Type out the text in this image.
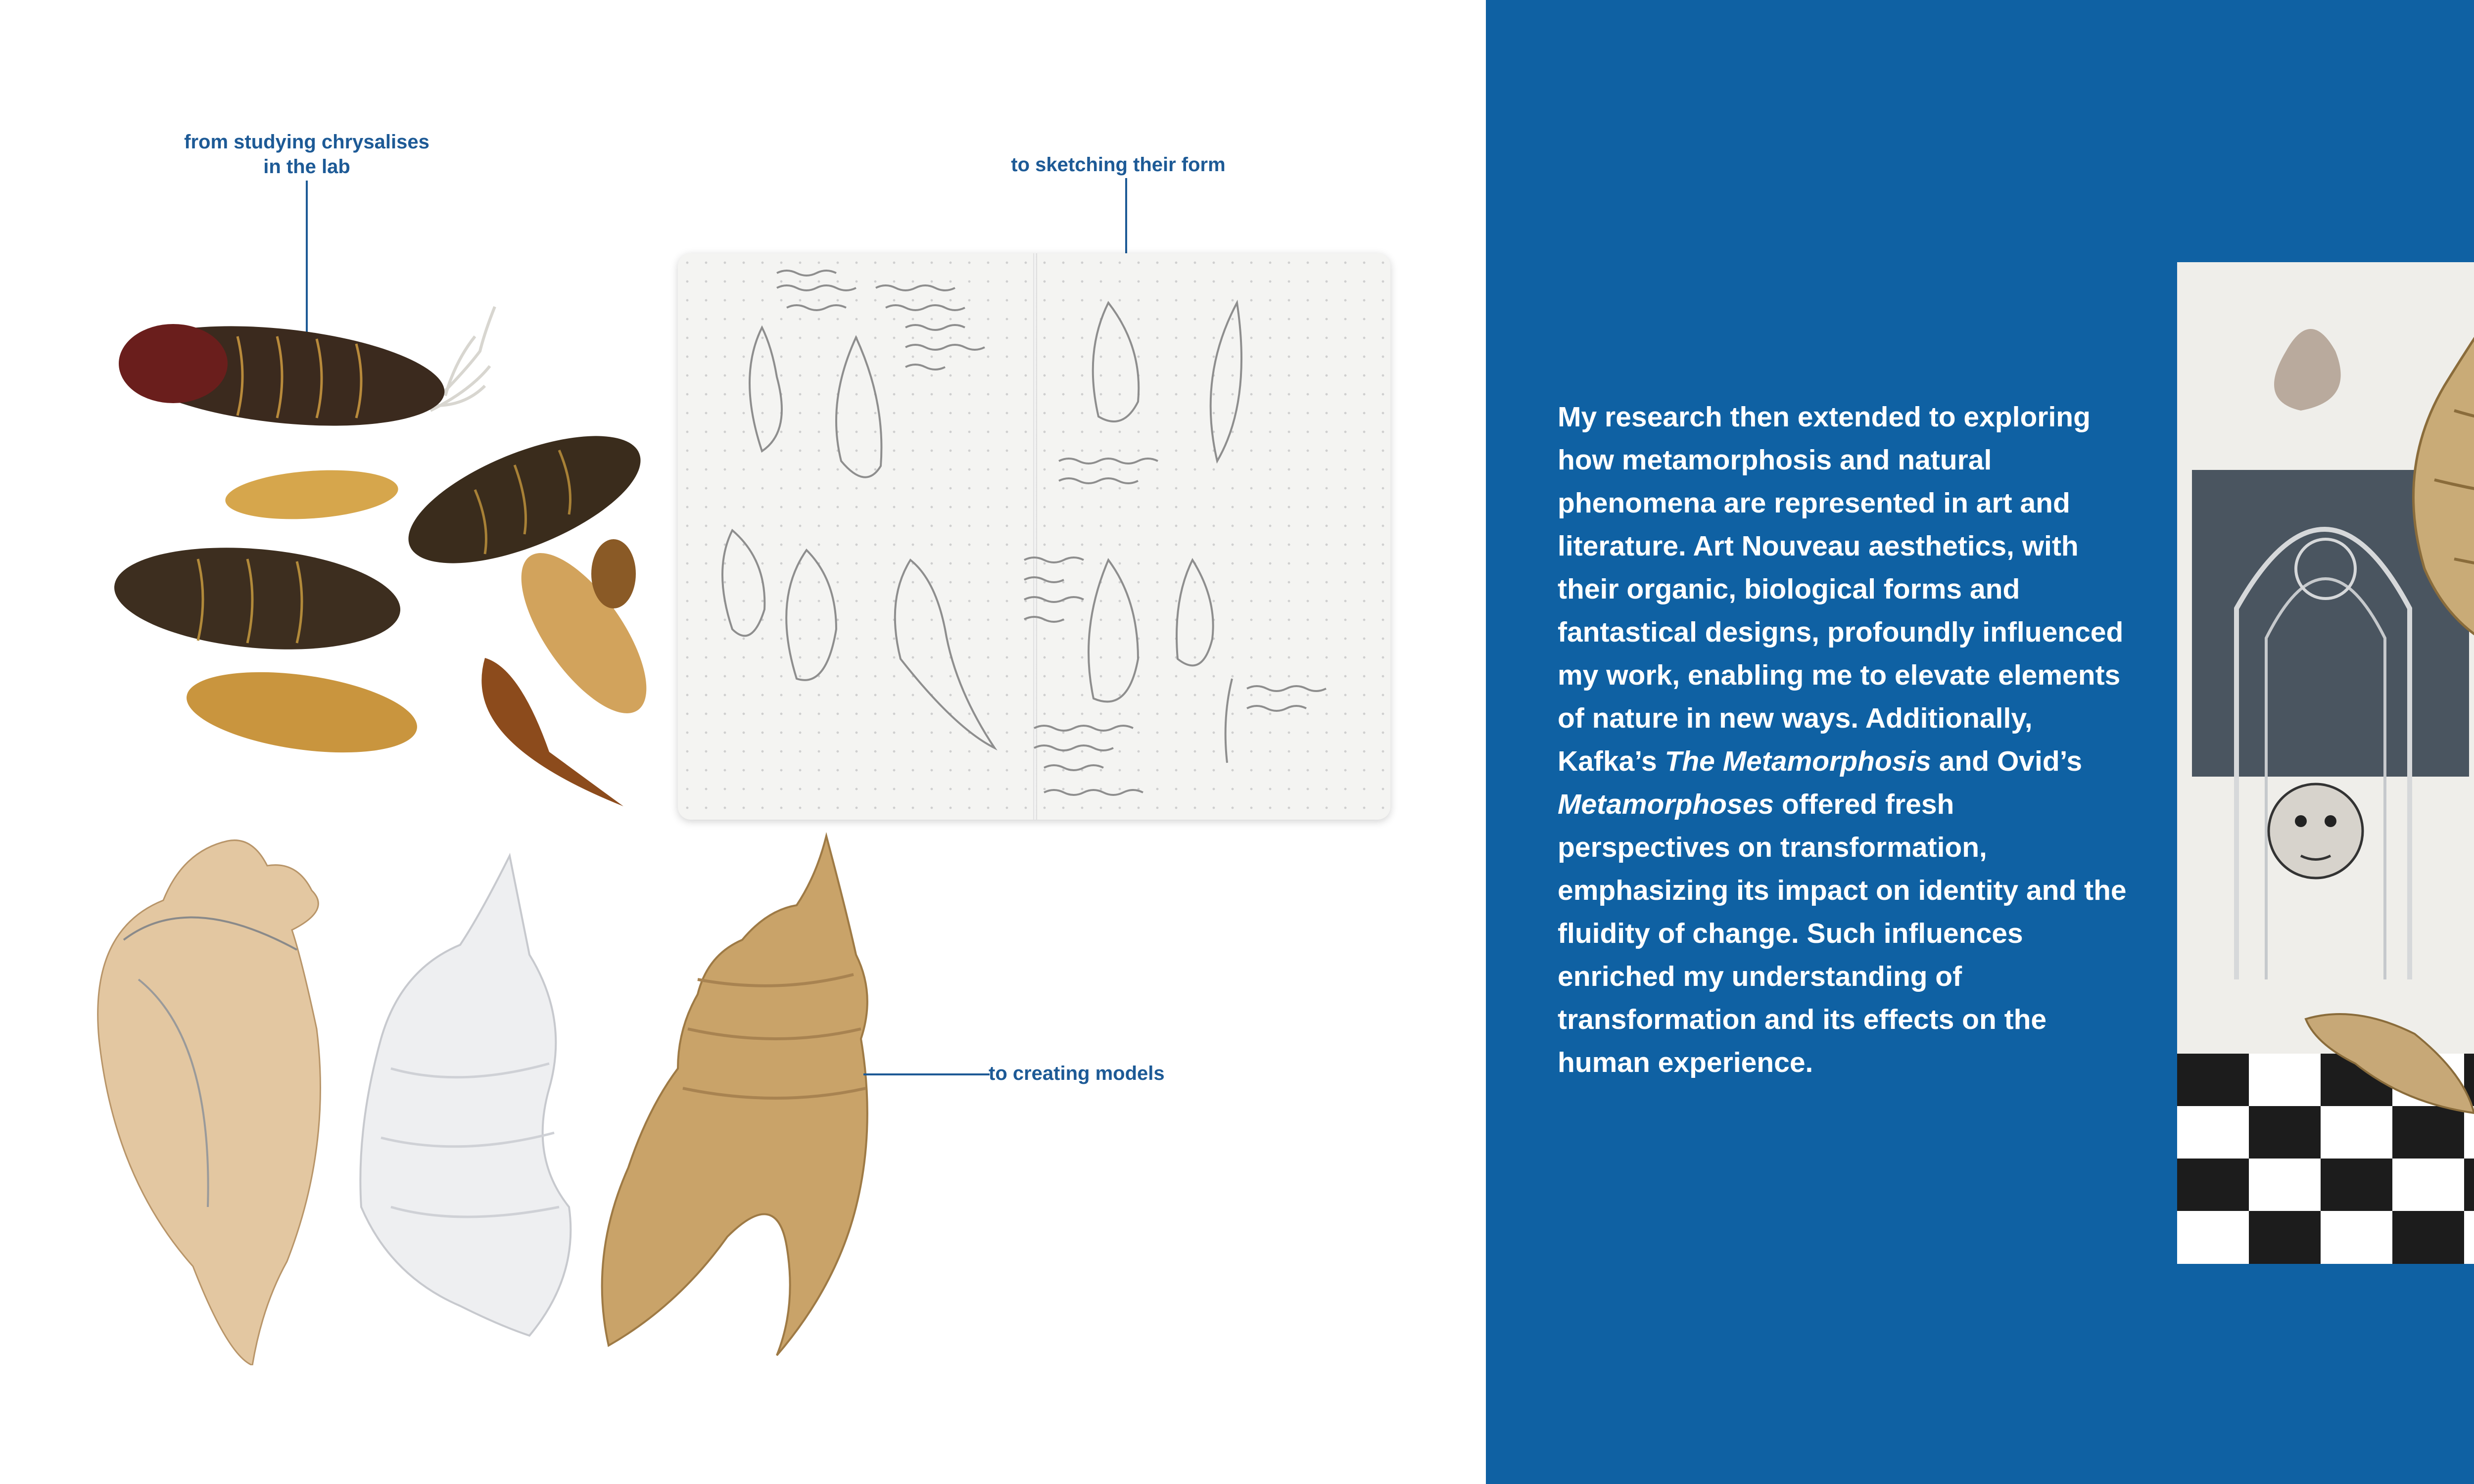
from studying chrysalises
in the lab	to sketching their form
to creating models

My research then extended to exploring how metamorphosis and natural phenomena are represented in art and literature. Art Nouveau aesthetics, with their organic, biological forms and fantastical designs, profoundly influenced my work, enabling me to elevate elements of nature in new ways. Additionally, Kafka’s The Metamorphosis and Ovid’s Metamorphoses offered fresh perspectives on transformation, emphasizing its impact on identity and the fluidity of change. Such influences enriched my understanding of transformation and its effects on the human experience.
